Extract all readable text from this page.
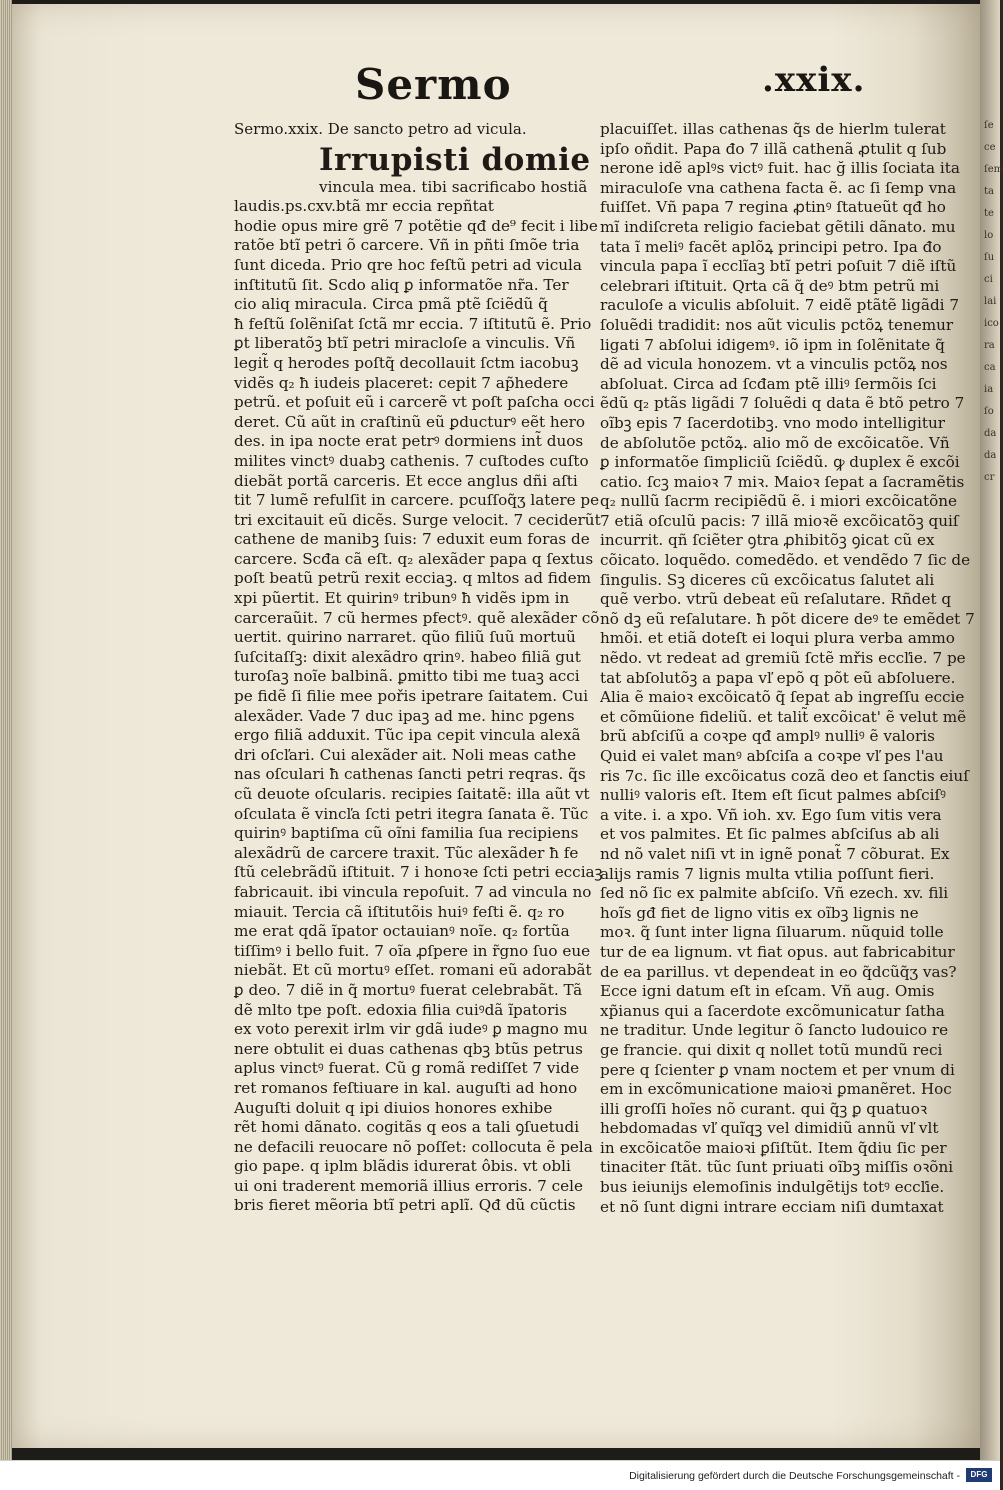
ſe
ce
ſem
ta
te
lo
ſu
ci
lai
ico
ra
ca
ia
ſo
da
da
cr
Sermo	.xxix.
Sermo.xxix. De sancto petro ad vicula.
Irrupisti domie
vincula mea. tibi sacrificabo hostiã
laudis.ps.cxv.btã mr eccia repñtat
hodie opus mire grẽ 7 potẽtie qđ de⁹ fecit i libe
ratõe btĩ petri õ carcere. Vñ in pñti ſmõe tria
ſunt diceda. Prio qre hoc feſtũ petri ad vicula
inſtitutũ ſit. Scdo aliq ꝑ informatõe nr̃a. Ter
cio aliq miracula. Circa pmã ptẽ ſciẽdũ q̃
ħ feſtũ ſolẽniſat ſctã mr eccia. 7 iſtitutũ ẽ. Prio
ꝑt liberatõꝫ btĩ petri miracloſe a vinculis. Vñ
legit̃ q herodes poſtq̃ decollauit ſctm iacobuꝫ
vidẽs q₂ ħ iudeis placeret: cepit 7 ap̃hedere
petrũ. et poſuit eũ i carcerẽ vt poſt paſcha occi
deret. Cũ aũt in craſtinũ eũ ꝑducturꝰ eẽt hero
des. in ipa nocte erat petrꝰ dormiens int̃ duos
milites vinctꝰ duabꝫ cathenis. 7 cuſtodes cuſto
diebãt portã carceris. Et ecce anglus dñi aſti
tit 7 lumẽ refulſit in carcere. pcuſſoq̃ʒ latere pe
tri excitauit eũ dicẽs. Surge velocit. 7 ceciderũt
cathene de manibꝫ ſuis: 7 eduxit eum foras de
carcere. Scđa cã eſt. q₂ alexãder papa q ſextus
poſt beatũ petrũ rexit ecciaꝫ. q mltos ad fidem
xpi pũertit. Et quirinꝰ tribunꝰ ħ vidẽs ipm in
carceraũit. 7 cũ hermes pfectꝰ. quẽ alexãder cõ
uertit. quirino narraret. qũo filiũ ſuũ mortuũ
ſuſcitaſſꝫ: dixit alexãdro qrinꝰ. habeo filiã gut
turoſaꝫ noĩe balbinã. ꝑmitto tibi me tuaꝫ acci
pe fidẽ ſi filie mee pořis ipetrare ſaitatem. Cui
alexãder. Vade 7 duc ipaꝫ ad me. hinc pgens
ergo filiã adduxit. Tũc ipa cepit vincula alexã
dri oſcľari. Cui alexãder ait. Noli meas cathe
nas oſculari ħ cathenas ſancti petri reqras. q̃s
cũ deuote oſcularis. recipies ſaitatẽ: illa aũt vt
oſculata ẽ vincľa ſcti petri itegra ſanata ẽ. Tũc
quirinꝰ baptiſma cũ oĩni familia ſua recipiens
alexãdrũ de carcere traxit. Tũc alexãder ħ fe
ſtũ celebrãdũ iſtituit. 7 i honoꝛe ſcti petri ecciaꝫ
fabricauit. ibi vincula repoſuit. 7 ad vincula no
miauit. Tercia cã iſtitutõis huiꝰ feſti ẽ. q₂ ro
me erat qdã ĩpator octauianꝰ noĩe. q₂ fortũa
tiſſimꝰ i bello fuit. 7 oĩa ꝓſpere in r̃gno ſuo eue
niebãt. Et cũ mortuꝰ eſſet. romani eũ adorabãt
ꝑ deo. 7 diẽ in q̃ mortuꝰ fuerat celebrabãt. Tã
dẽ mlto tpe poſt. edoxia filia cuiꝰdã ĩpatoris
ex voto perexit irlm vir gdã iudeꝰ ꝑ magno mu
nere obtulit ei duas cathenas qbꝫ btũs petrus
aplus vinctꝰ fuerat. Cũ g romã rediſſet 7 vide
ret romanos feſtiuare in kal. auguſti ad hono
Auguſti doluit q ipi diuios honores exhibe
rẽt homi dãnato. cogitãs q eos a tali ꝯſuetudi
ne defacili reuocare nõ poſſet: collocuta ẽ pela
gio pape. q iplm blãdis idurerat ôbis. vt obli
ui oni traderent memoriã illius erroris. 7 cele
bris fieret mẽoria btĩ petri aplĩ. Qđ dũ cũctis
placuiſſet. illas cathenas q̃s de hierlm tulerat
ipſo oñdit. Papa đo 7 illã cathenã ꝓtulit q ſub
nerone idẽ aplꝰs victꝰ fuit. hac ğ illis ſociata ita
miraculoſe vna cathena facta ẽ. ac ſi ſemp vna
fuiſſet. Vñ papa 7 regina ꝓtinꝰ ſtatueũt qđ ho
mĩ indiſcreta religio faciebat gẽtili dãnato. mu
tata ĩ meliꝰ facẽt aplõꝝ principi petro. Ipa đo
vincula papa ĩ ecclĩaꝫ btĩ petri poſuit 7 diẽ iſtũ
celebrari iſtituit. Qrta cã q̃ deꝰ btm petrũ mi
raculoſe a viculis abſoluit. 7 eidẽ ptãtẽ ligãdi 7
ſoluẽdi tradidit: nos aũt viculis pctõꝝ tenemur
ligati 7 abſolui idigemꝰ. iõ ipm in ſolẽnitate q̃
dẽ ad vicula honozem. vt a vinculis pctõꝝ nos
abſoluat. Circa ad ſcđam ptẽ illiꝰ ſermõis ſci
ẽdũ q₂ ptãs ligãdi 7 ſoluẽdi q data ẽ btõ petro 7
oĩbꝫ epis 7 ſacerdotibꝫ. vno modo intelligitur
de abſolutõe pctõꝝ. alio mõ de excõicatõe. Vñ
ꝑ informatõe ſimpliciũ ſciẽdũ. ꝙ duplex ẽ excõi
catio. ſcꝫ maioꝛ 7 miꝛ. Maioꝛ ſepat a ſacramẽtis
q₂ nullũ ſacrm recipiẽdũ ẽ. i miori excõicatõne
7 etiã oſculũ pacis: 7 illã mioꝛẽ excõicatõꝫ quiſ
incurrit. qñ ſciẽter ꝯtra ꝓhibitõꝫ ꝯicat cũ ex
cõicato. loquẽdo. comedẽdo. et vendẽdo 7 ſic de
ſingulis. Sꝫ diceres cũ excõicatus ſalutet ali
quẽ verbo. vtrũ debeat eũ reſalutare. Rñdet q
nõ dꝫ eũ reſalutare. ħ põt dicere deꝰ te emẽdet 7
hmõi. et etiã doteſt ei loqui plura verba ammo
nẽdo. vt redeat ad gremiũ ſctẽ mřis eccľie. 7 pe
tat abſolutõꝫ a papa vľ epõ q põt eũ abſoluere.
Alia ẽ maioꝛ excõicatõ q̃ ſepat ab ingreſſu eccie
et cõmũione fideliũ. et talit̃ excõicat' ẽ velut mẽ
brũ abſciſũ a coꝛpe qđ amplꝰ nulliꝰ ẽ valoris
Quid ei valet manꝰ abſciſa a coꝛpe vľ pes l'au
ris 7c. ſic ille excõicatus cozã deo et ſanctis eiuſ
nulliꝰ valoris eſt. Item eſt ſicut palmes abſciſꝰ
a vite. i. a xpo. Vñ ioh. xv. Ego ſum vitis vera
et vos palmites. Et ſic palmes abſciſus ab ali
nd nõ valet niſi vt in ignẽ ponat̃ 7 cõburat. Ex
alijs ramis 7 lignis multa vtilia poſſunt fieri.
ſed nõ ſic ex palmite abſciſo. Vñ ezech. xv. fili
hoĩs gđ fiet de ligno vitis ex oĩbꝫ lignis ne
moꝛ. q̃ ſunt inter ligna ſiluarum. nũquid tolle
tur de ea lignum. vt fiat opus. aut fabricabitur
de ea parillus. vt dependeat in eo q̃dcũq̃ʒ vas?
Ecce igni datum eſt in eſcam. Vñ aug. Omis
xp̃ianus qui a ſacerdote excõmunicatur ſatha
ne traditur. Unde legitur õ ſancto ludouico re
ge francie. qui dixit q nollet totũ mundũ reci
pere q ſcienter ꝑ vnam noctem et per vnum di
em in excõmunicatione maioꝛi ꝑmanẽret. Hoc
illi groſſi hoĩes nõ curant. qui q̃ꝫ ꝑ quatuoꝛ
hebdomadas vľ quĩqꝫ vel dimidiũ annũ vľ vlt
in excõicatõe maioꝛi ꝑſiſtũt. Item q̃diu ſic per
tinaciter ſtãt. tũc ſunt priuati oĩbꝫ miſſis oꝛõni
bus ieiunijs elemoſinis indulgẽtijs totꝰ eccľie.
et nõ ſunt digni intrare ecciam niſi dumtaxat
Digitalisierung gefördert durch die Deutsche Forschungsgemeinschaft -	DFG
